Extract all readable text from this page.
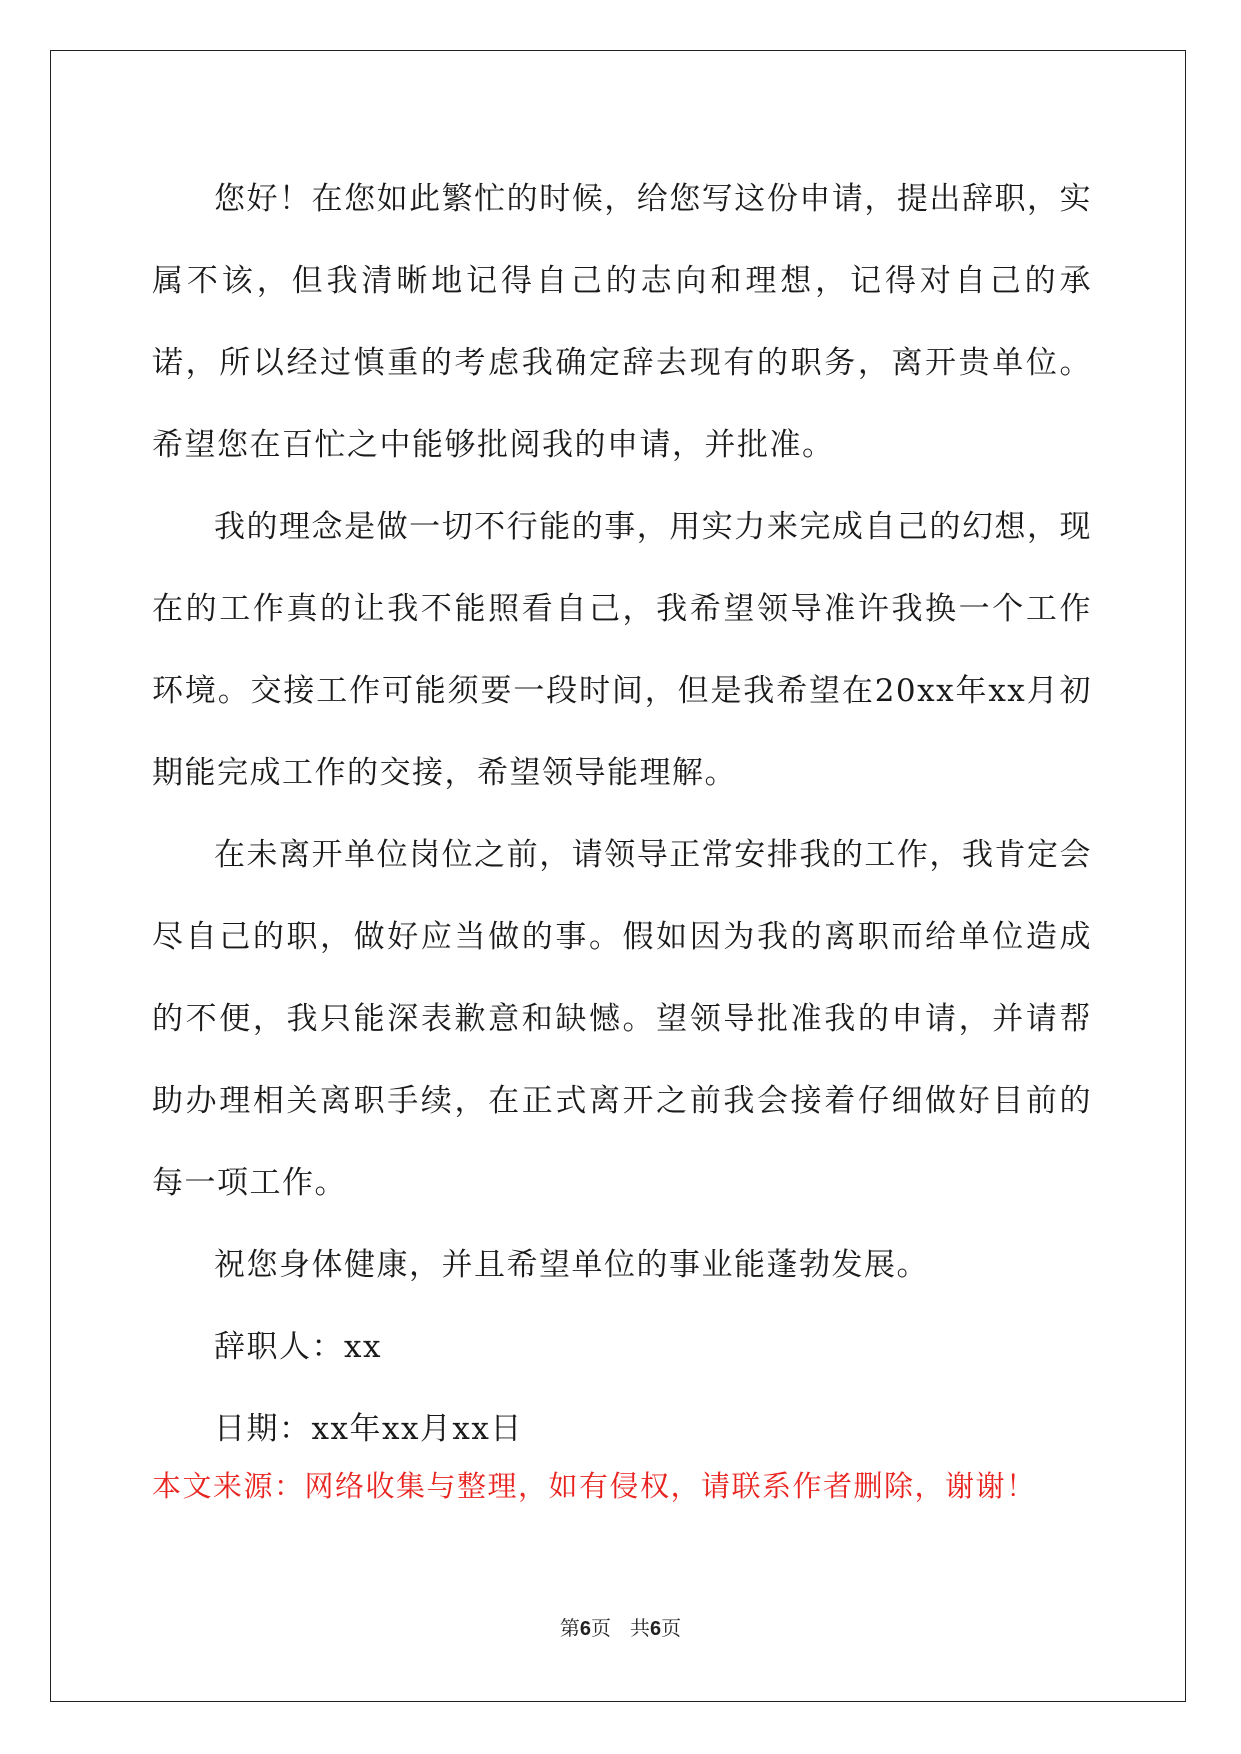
您好！在您如此繁忙的时候，给您写这份申请，提出辞职，实属不该，但我清晰地记得自己的志向和理想，记得对自己的承诺，所以经过慎重的考虑我确定辞去现有的职务，离开贵单位。希望您在百忙之中能够批阅我的申请，并批准。

我的理念是做一切不行能的事，用实力来完成自己的幻想，现在的工作真的让我不能照看自己，我希望领导准许我换一个工作环境。交接工作可能须要一段时间，但是我希望在20xx年xx月初期能完成工作的交接，希望领导能理解。

在未离开单位岗位之前，请领导正常安排我的工作，我肯定会尽自己的职，做好应当做的事。假如因为我的离职而给单位造成的不便，我只能深表歉意和缺憾。望领导批准我的申请，并请帮助办理相关离职手续，在正式离开之前我会接着仔细做好目前的每一项工作。

祝您身体健康，并且希望单位的事业能蓬勃发展。

辞职人：xx

日期：xx年xx月xx日

本文来源：网络收集与整理，如有侵权，请联系作者删除，谢谢！
第6页   共6页
